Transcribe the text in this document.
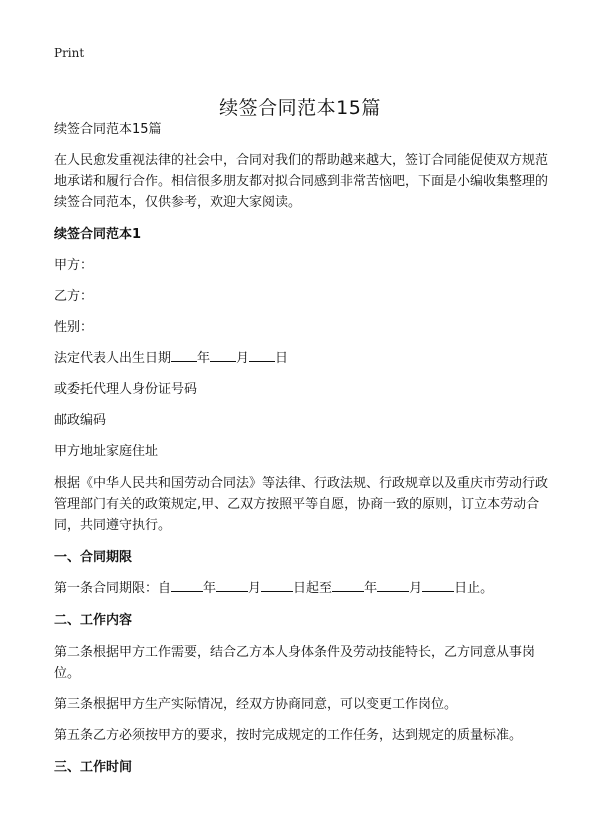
Print
续签合同范本15篇

续签合同范本15篇

在人民愈发重视法律的社会中，合同对我们的帮助越来越大，签订合同能促使双方规范地承诺和履行合作。相信很多朋友都对拟合同感到非常苦恼吧，下面是小编收集整理的续签合同范本，仅供参考，欢迎大家阅读。

续签合同范本1

甲方：

乙方：

性别：

法定代表人出生日期 年 月 日

或委托代理人身份证号码

邮政编码

甲方地址家庭住址

根据《中华人民共和国劳动合同法》等法律、行政法规、行政规章以及重庆市劳动行政管理部门有关的政策规定,甲、乙双方按照平等自愿，协商一致的原则，订立本劳动合同，共同遵守执行。

一、合同期限

第一条合同期限：自 年 月 日起至 年 月 日止。

二、工作内容

第二条根据甲方工作需要，结合乙方本人身体条件及劳动技能特长，乙方同意从事岗位。

第三条根据甲方生产实际情况，经双方协商同意，可以变更工作岗位。

第五条乙方必须按甲方的要求，按时完成规定的工作任务，达到规定的质量标准。

三、工作时间
